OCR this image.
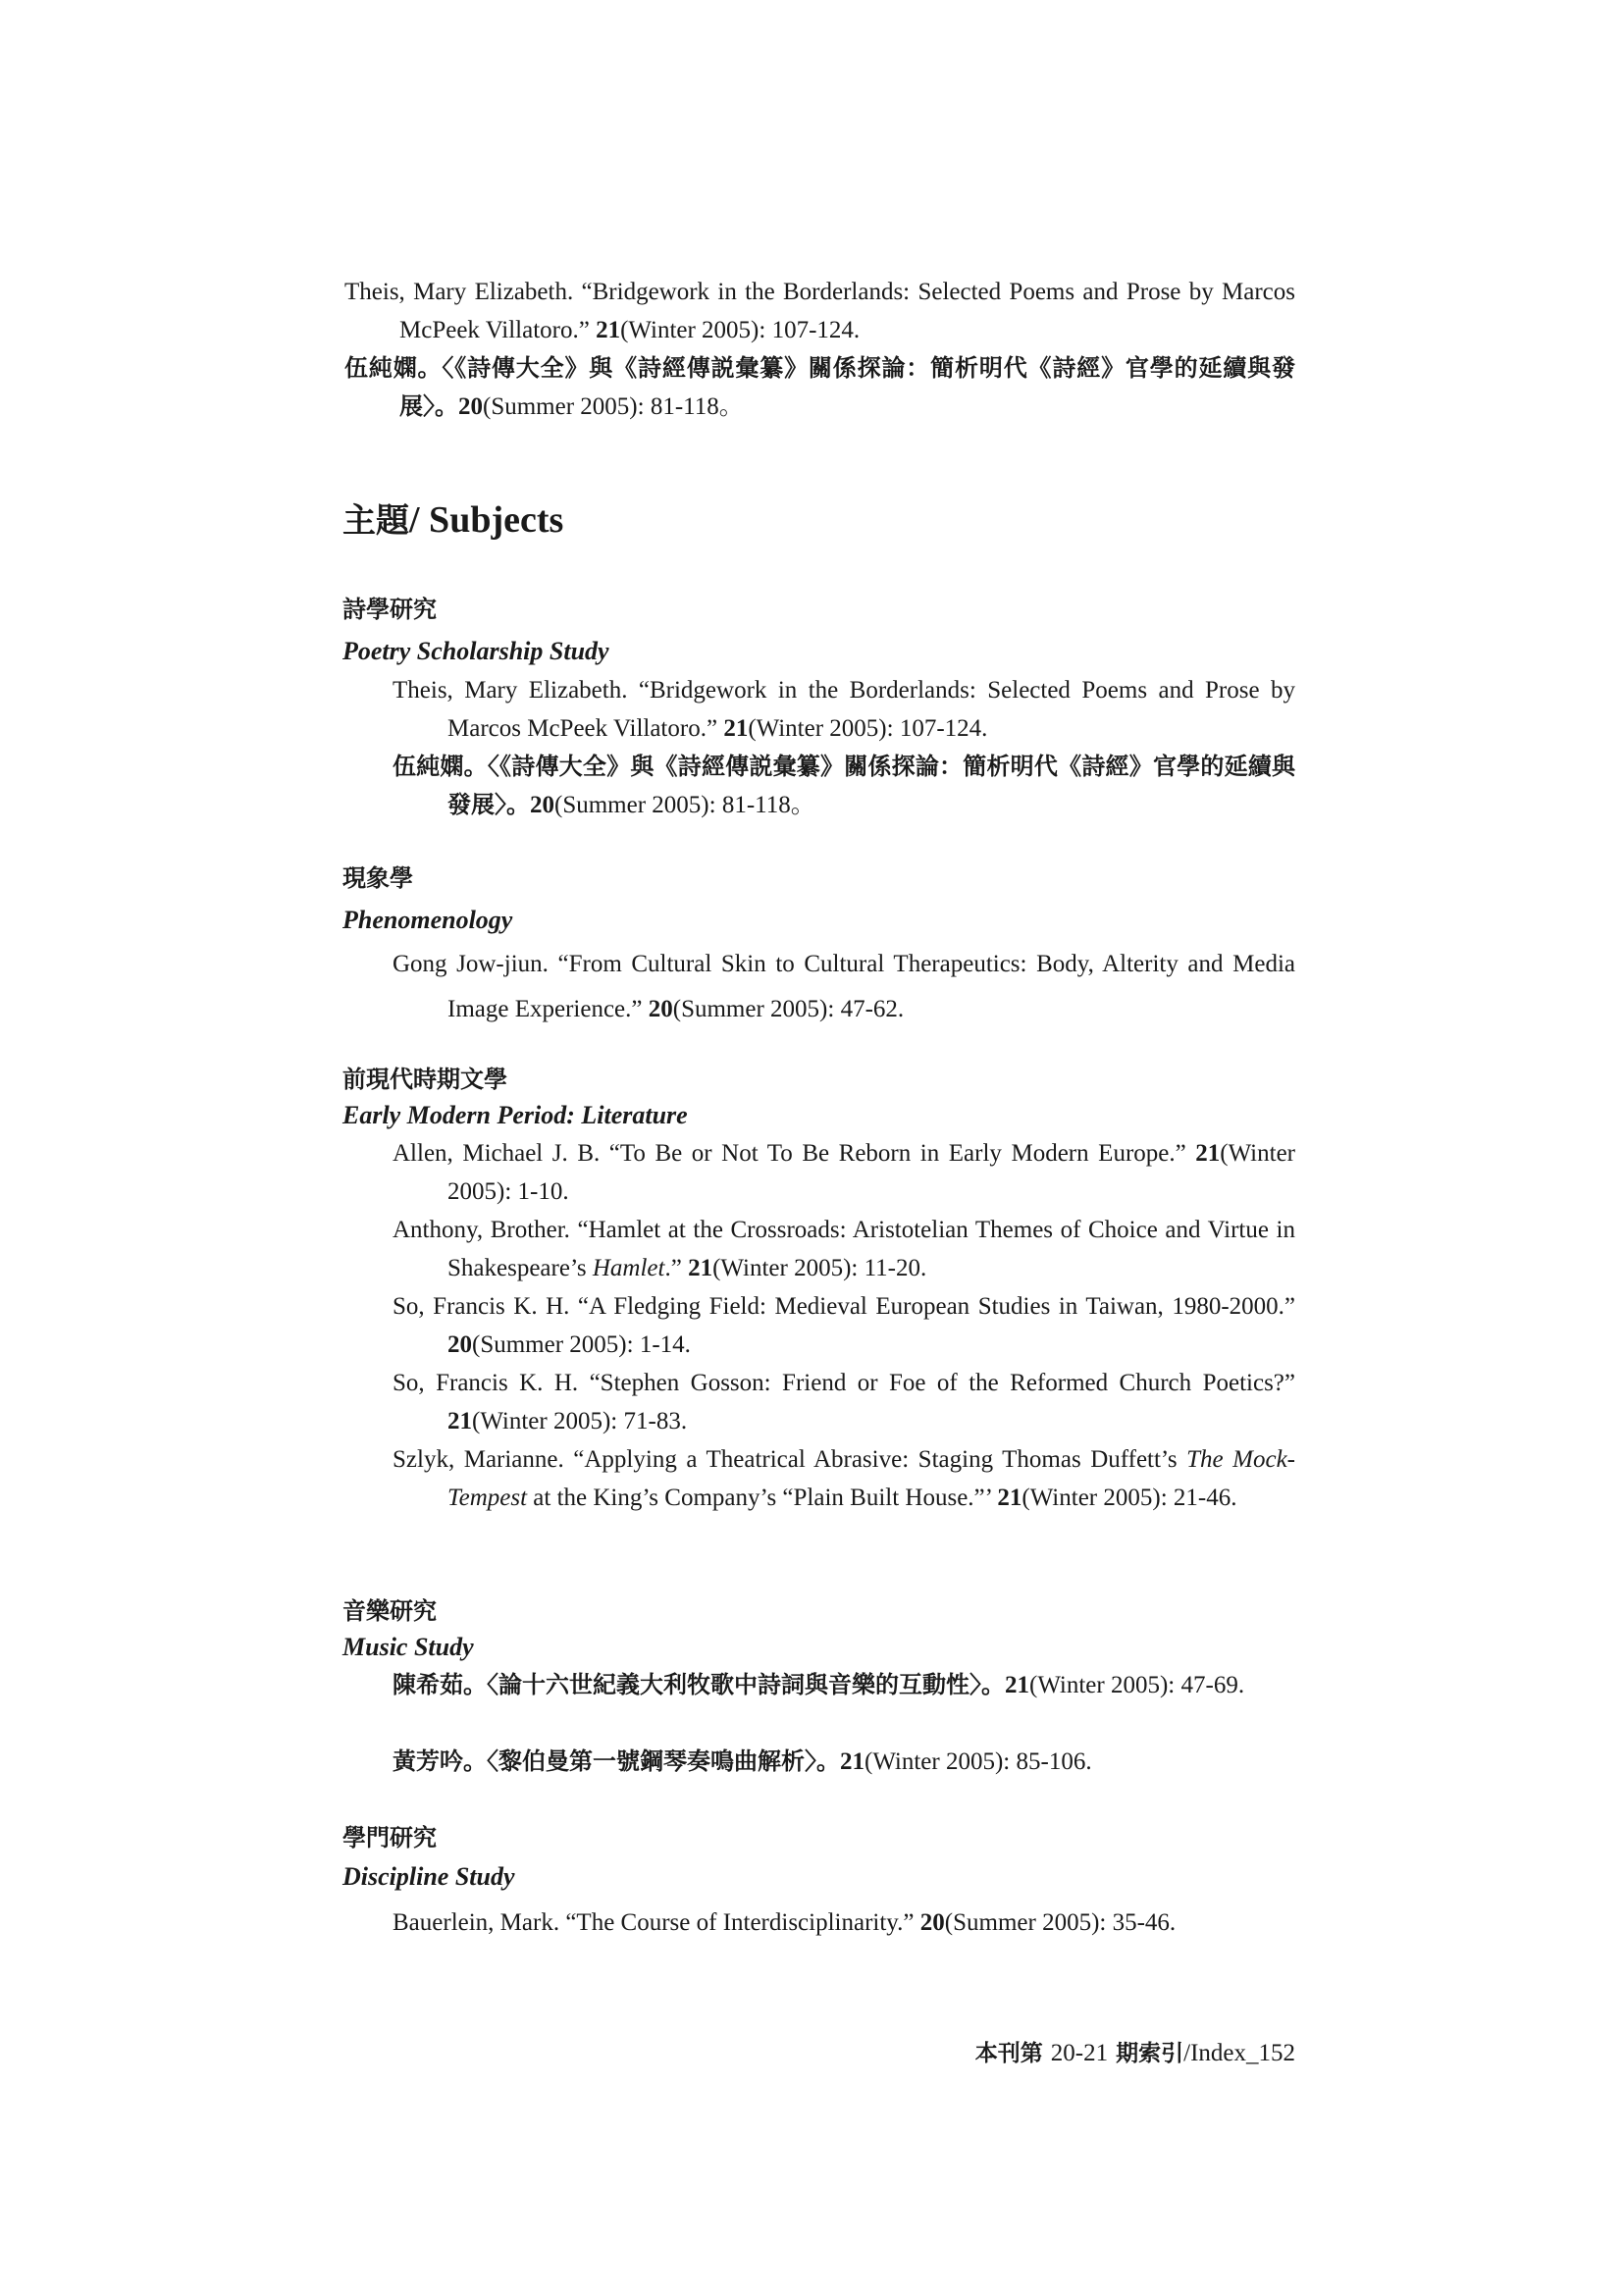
Theis, Mary Elizabeth. “Bridgework in the Borderlands: Selected Poems and Prose by Marcos McPeek Villatoro.” 21(Winter 2005): 107-124.
伍純嫻。〈《詩傳大全》與《詩經傳説彙纂》關係探論：簡析明代《詩經》官學的延續與發展〉。20(Summer 2005): 81-118。
主題/ Subjects
詩學研究
Poetry Scholarship Study
Theis, Mary Elizabeth. “Bridgework in the Borderlands: Selected Poems and Prose by Marcos McPeek Villatoro.” 21(Winter 2005): 107-124.
伍純嫻。〈《詩傳大全》與《詩經傳説彙纂》關係探論：簡析明代《詩經》官學的延續與發展〉。20(Summer 2005): 81-118。
現象學
Phenomenology
Gong Jow-jiun. “From Cultural Skin to Cultural Therapeutics: Body, Alterity and Media Image Experience.” 20(Summer 2005): 47-62.
前現代時期文學
Early Modern Period: Literature
Allen, Michael J. B. “To Be or Not To Be Reborn in Early Modern Europe.” 21(Winter 2005): 1-10.
Anthony, Brother. “Hamlet at the Crossroads: Aristotelian Themes of Choice and Virtue in Shakespeare’s Hamlet.” 21(Winter 2005): 11-20.
So, Francis K. H. “A Fledging Field: Medieval European Studies in Taiwan, 1980-2000.” 20(Summer 2005): 1-14.
So, Francis K. H. “Stephen Gosson: Friend or Foe of the Reformed Church Poetics?” 21(Winter 2005): 71-83.
Szlyk, Marianne. “Applying a Theatrical Abrasive: Staging Thomas Duffett’s The Mock-Tempest at the King’s Company’s “Plain Built House.”’ 21(Winter 2005): 21-46.
音樂研究
Music Study
陳希茹。〈論十六世紀義大利牧歌中詩詞與音樂的互動性〉。21(Winter 2005): 47-69.
黃芳吟。〈黎伯曼第一號鋼琴奏鳴曲解析〉。21(Winter 2005): 85-106.
學門研究
Discipline Study
Bauerlein, Mark. “The Course of Interdisciplinarity.” 20(Summer 2005): 35-46.
本刊第 20-21 期索引/Index_152
